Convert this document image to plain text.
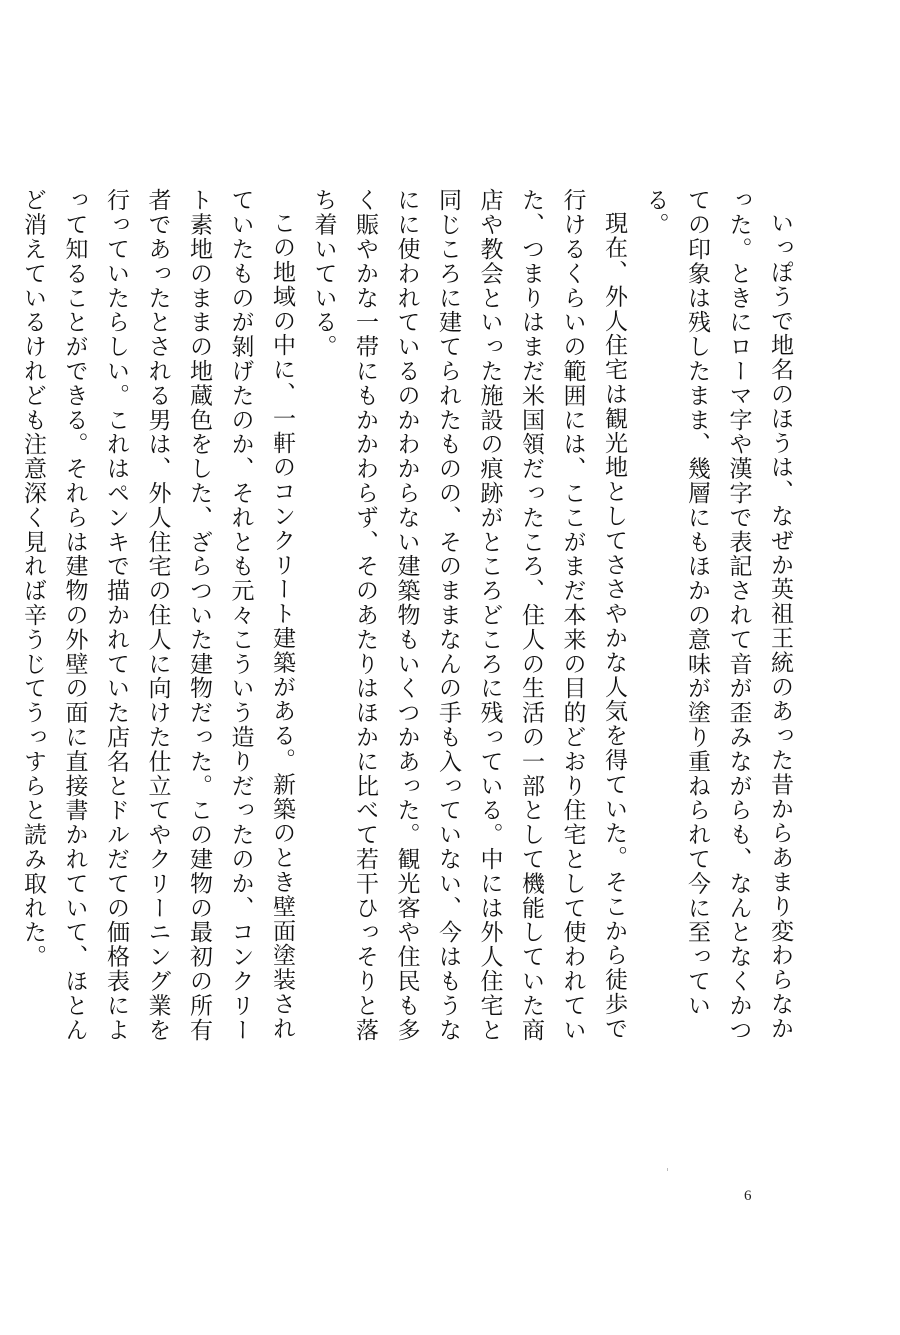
いっぽうで地名のほうは、なぜか英祖王統のあった昔からあまり変わらなかった。ときにローマ字や漢字で表記されて音が歪みながらも、なんとなくかつての印象は残したまま、幾層にもほかの意味が塗り重ねられて今に至っている。

現在、外人住宅は観光地としてささやかな人気を得ていた。そこから徒歩で行けるくらいの範囲には、ここがまだ本来の目的どおり住宅として使われていた、つまりはまだ米国領だったころ、住人の生活の一部として機能していた商店や教会といった施設の痕跡がところどころに残っている。中には外人住宅と同じころに建てられたものの、そのままなんの手も入っていない、今はもうなにに使われているのかわからない建築物もいくつかあった。観光客や住民も多く賑やかな一帯にもかかわらず、そのあたりはほかに比べて若干ひっそりと落ち着いている。

この地域の中に、一軒のコンクリート建築がある。新築のとき壁面塗装されていたものが剝げたのか、それとも元々こういう造りだったのか、コンクリート素地のままの地蔵色をした、ざらついた建物だった。この建物の最初の所有者であったとされる男は、外人住宅の住人に向けた仕立てやクリーニング業を行っていたらしい。これはペンキで描かれていた店名とドルだての価格表によって知ることができる。それらは建物の外壁の面に直接書かれていて、ほとんど消えているけれども注意深く見れば辛うじてうっすらと読み取れた。

6
